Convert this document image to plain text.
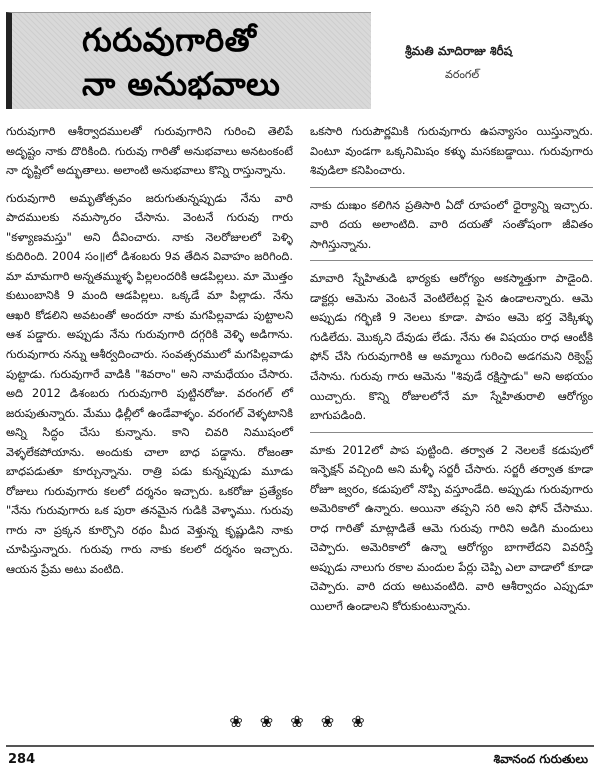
గురువుగారితో
నా అనుభవాలు
శ్రీమతి మాదిరాజు శిరీష
వరంగల్

గురువుగారి ఆశీర్వాదములతో గురువుగారిని గురించి తెలిపే అదృష్టం నాకు దొరికింది. గురువు గారితో అనుభవాలు అనటంకంటే నా దృష్టిలో అద్భుతాలు. అలాంటి అనుభవాలు కొన్ని రాస్తున్నాను.

గురువుగారి అమృతోత్సవం జరుగుతున్నప్పుడు నేను వారి పాదములకు నమస్కారం చేసాను. వెంటనే గురువు గారు "కళ్యాణమస్తు" అని దీవించారు. నాకు నెలరోజులలో పెళ్ళి కుదిరింది. 2004 సం॥లో డిశంబరు 9వ తేదిన వివాహం జరిగింది. మా మామగారి అన్నతమ్ముళ్ళ పిల్లలందరికి ఆడపిల్లలు. మా మొత్తం కుటుంబానికి 9 మంది ఆడపిల్లలు. ఒక్కడే మా పిల్లాడు. నేను ఆఖరి కోడలిని అవటంతో అందరూ నాకు మగపిల్లవాడు పుట్టాలని ఆశ పడ్డారు. అప్పుడు నేను గురువుగారి దగ్గరికి వెళ్ళి అడిగాను. గురువుగారు నన్ను ఆశీర్వదించారు. సంవత్సరములో మగపిల్లవాడు పుట్టాడు. గురువుగారే వాడికి "శివరాం" అని నామధేయం చేసారు. అది 2012 డిశంబరు గురువుగారి పుట్టినరోజు. వరంగల్ లో జరుపుతున్నారు. మేము ఢిల్లీలో ఉండేవాళ్ళం. వరంగల్ వెళ్ళటానికి అన్ని సిద్ధం చేసు కున్నాను. కాని చివరి నిముషంలో వెళ్ళలేకపోయాను. అందుకు చాలా బాధ పడ్డాను. రోజంతా బాధపడుతూ కూర్చున్నాను. రాత్రి పడు కున్నప్పుడు మూడు రోజులు గురువుగారు కలలో దర్శనం ఇచ్చారు. ఒకరోజు ప్రత్యేకం "నేను గురువుగారు ఒక పురా తనమైన గుడికి వెళ్ళాము. గురువు గారు నా ప్రక్కన కూర్చొని రథం మీద వెళ్తున్న కృష్ణుడిని నాకు చూపిస్తున్నారు. గురువు గారు నాకు కలలో దర్శనం ఇచ్చారు. ఆయన ప్రేమ అటు వంటిది.

ఒకసారి గురుపౌర్ణమికి గురువుగారు ఉపన్యాసం యిస్తున్నారు. వింటూ వుండగా ఒక్కనిమిషం కళ్ళు మసకబడ్డాయి. గురువుగారు శివుడిలా కనిపించారు.

నాకు దుఃఖం కలిగిన ప్రతిసారి ఏదో రూపంలో ధైర్యాన్ని ఇచ్చారు. వారి దయ అలాంటిది. వారి దయతో సంతోషంగా జీవితం సాగిస్తున్నాను.

మావారి స్నేహితుడి భార్యకు ఆరోగ్యం అకస్మాత్తుగా పాడైంది. డాక్టర్లు ఆమెను వెంటనే వెంటిలేటర్ల పైన ఉండాలన్నారు. ఆమె అప్పుడు గర్భిణి 9 నెలలు కూడా. పాపం ఆమె భర్త వెక్కిళ్ళు గుడిలేదు. మొక్కని దేవుడు లేడు. నేను ఈ విషయం రాధ ఆంటీకి ఫోన్ చేసి గురువుగారికి ఆ అమ్మాయి గురించి అడగమని రిక్వెస్ట్ చేసాను. గురువు గారు ఆమెను "శివుడే రక్షిస్తాడు" అని అభయం యిచ్చారు. కొన్ని రోజులలోనే మా స్నేహితురాలి ఆరోగ్యం బాగుపడింది.

మాకు 2012లో పాప పుట్టింది. తర్వాత 2 నెలలకే కడుపులో ఇన్ఫెక్షన్ వచ్చింది అని మళ్ళీ సర్జరీ చేసారు. సర్జరీ తర్వాత కూడా రోజూ జ్వరం, కడుపులో నొప్పి వస్తూండేది. అప్పుడు గురువుగారు అమెరికాలో ఉన్నారు. అయినా తప్పని సరి అని ఫోన్ చేసాము. రాధ గారితో మాట్లాడితే ఆమె గురువు గారిని అడిగి మందులు చెప్పారు. అమెరికాలో ఉన్నా ఆరోగ్యం బాగాలేదని వివరిస్తే అప్పుడు నాలుగు రకాల మందుల పేర్లు చెప్పి ఎలా వాడాలో కూడా చెప్పారు. వారి దయ అటువంటిది. వారి ఆశీర్వాదం ఎప్పుడూ యిలాగే ఉండాలని కోరుకుంటున్నాను.

❀ ❀ ❀ ❀ ❀
284	శివానంద గురుతులు
